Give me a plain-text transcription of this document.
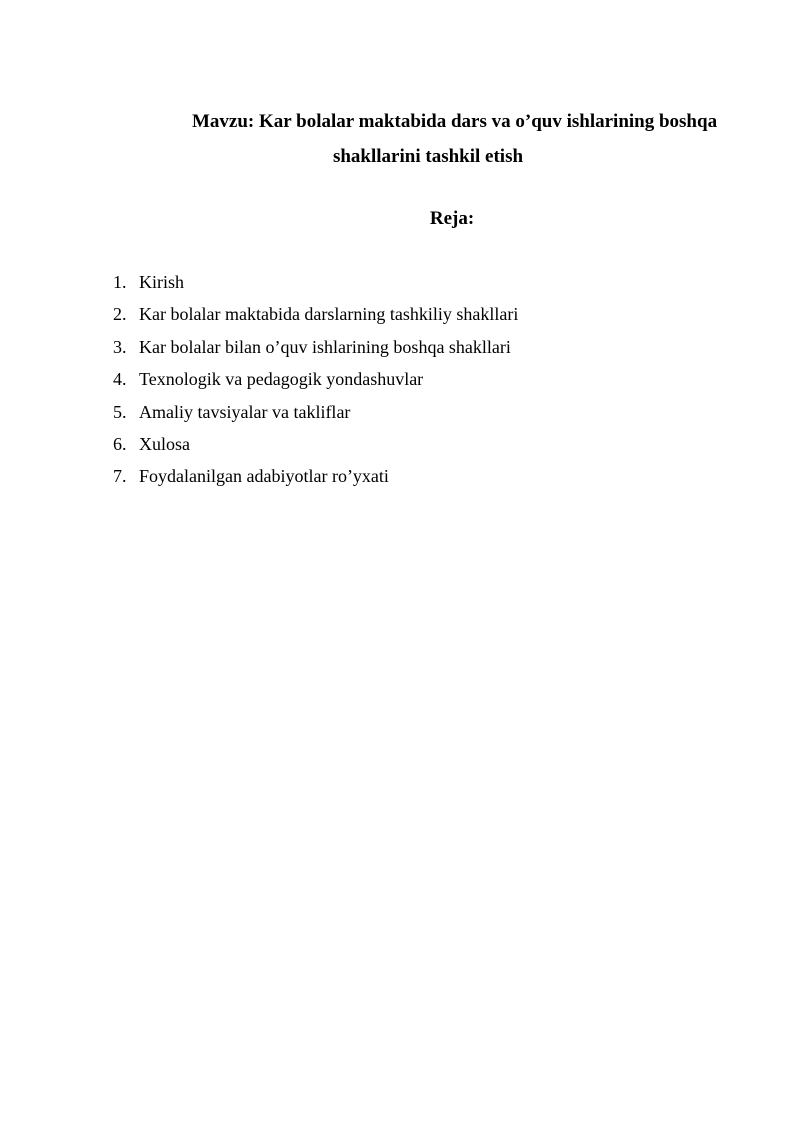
Mavzu: Kar bolalar maktabida dars va o’quv ishlarining boshqa
shakllarini tashkil etish
Reja:
1. Kirish
2. Kar bolalar maktabida darslarning tashkiliy shakllari
3. Kar bolalar bilan o’quv ishlarining boshqa shakllari
4. Texnologik va pedagogik yondashuvlar
5. Amaliy tavsiyalar va takliflar
6. Xulosa
7. Foydalanilgan adabiyotlar ro’yxati
